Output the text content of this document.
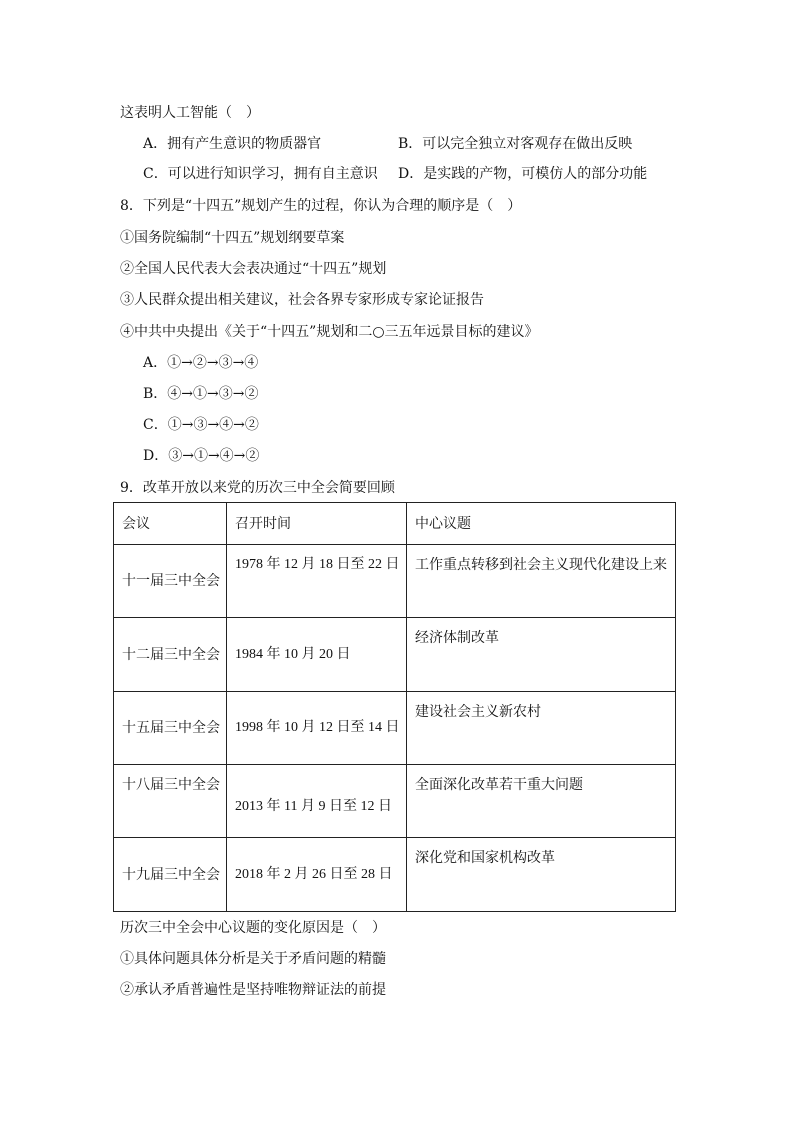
这表明人工智能（　）
A．拥有产生意识的物质器官	B．可以完全独立对客观存在做出反映
C．可以进行知识学习，拥有自主意识 D．是实践的产物，可模仿人的部分功能
8．下列是“十四五”规划产生的过程，你认为合理的顺序是（　）
①国务院编制“十四五”规划纲要草案
②全国人民代表大会表决通过“十四五”规划
③人民群众提出相关建议，社会各界专家形成专家论证报告
④中共中央提出《关于“十四五”规划和二○三五年远景目标的建议》
A．①→②→③→④
B．④→①→③→②
C．①→③→④→②
D．③→①→④→②
9．改革开放以来党的历次三中全会简要回顾
会议	召开时间	中心议题
十一届三中全会	1978 年 12 月 18 日至 22 日	工作重点转移到社会主义现代化建设上来
十二届三中全会	1984 年 10 月 20 日	经济体制改革
十五届三中全会	1998 年 10 月 12 日至 14 日	建设社会主义新农村
十八届三中全会	2013 年 11 月 9 日至 12 日	全面深化改革若干重大问题
十九届三中全会	2018 年 2 月 26 日至 28 日	深化党和国家机构改革
历次三中全会中心议题的变化原因是（　）
①具体问题具体分析是关于矛盾问题的精髓
②承认矛盾普遍性是坚持唯物辩证法的前提
